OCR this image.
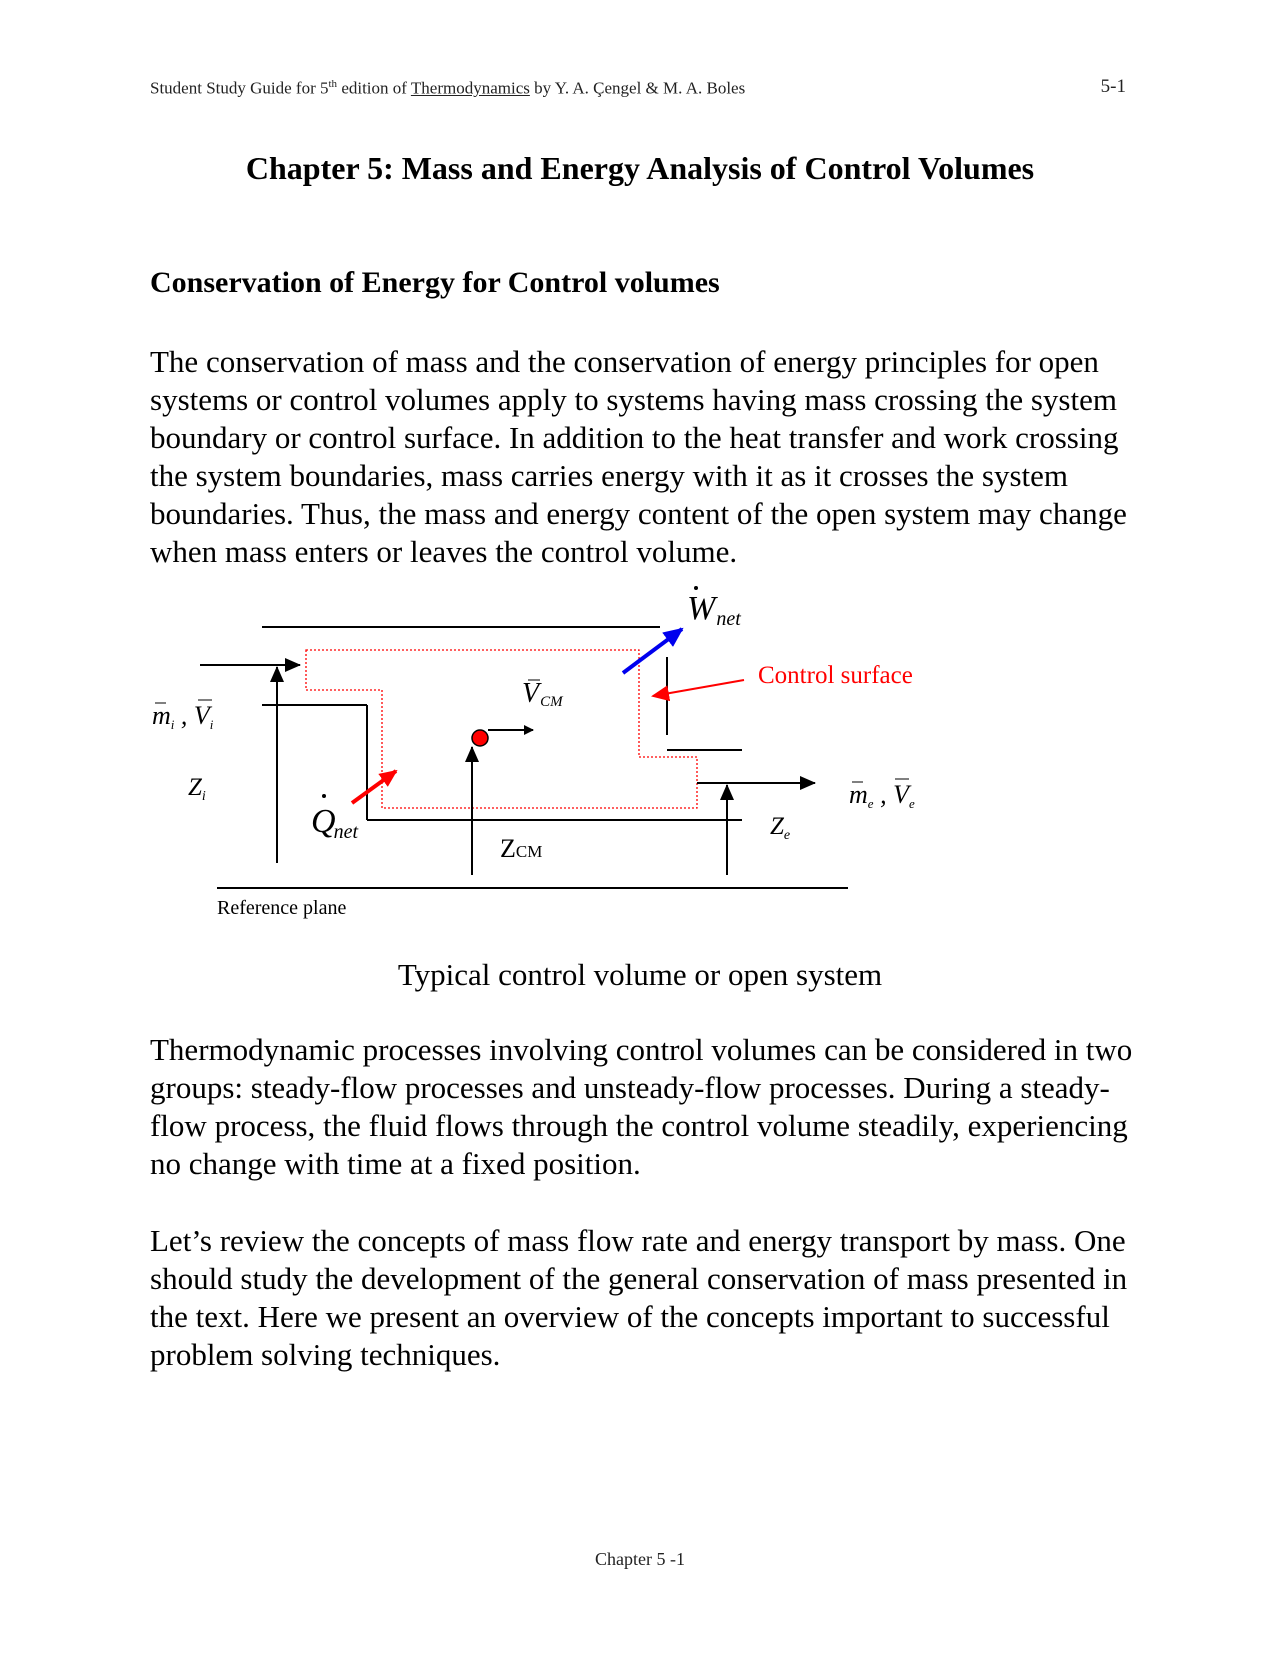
Student Study Guide for 5th edition of Thermodynamics by Y. A. Çengel & M. A. Boles	5-1
Chapter 5: Mass and Energy Analysis of Control Volumes
Conservation of Energy for Control volumes
The conservation of mass and the conservation of energy principles for open systems or control volumes apply to systems having mass crossing the system boundary or control surface. In addition to the heat transfer and work crossing the system boundaries, mass carries energy with it as it crosses the system boundaries. Thus, the mass and energy content of the open system may change when mass enters or leaves the control volume.
Wnet
Control surface
VCM
mi , Vi
me , Ve
$Z_i$
Qnet
ZCM
$Z_e$
Reference plane
Typical control volume or open system
Thermodynamic processes involving control volumes can be considered in two groups: steady-flow processes and unsteady-flow processes. During a steady-flow process, the fluid flows through the control volume steadily, experiencing no change with time at a fixed position.
Let’s review the concepts of mass flow rate and energy transport by mass. One should study the development of the general conservation of mass presented in the text. Here we present an overview of the concepts important to successful problem solving techniques.
Chapter 5 -1
